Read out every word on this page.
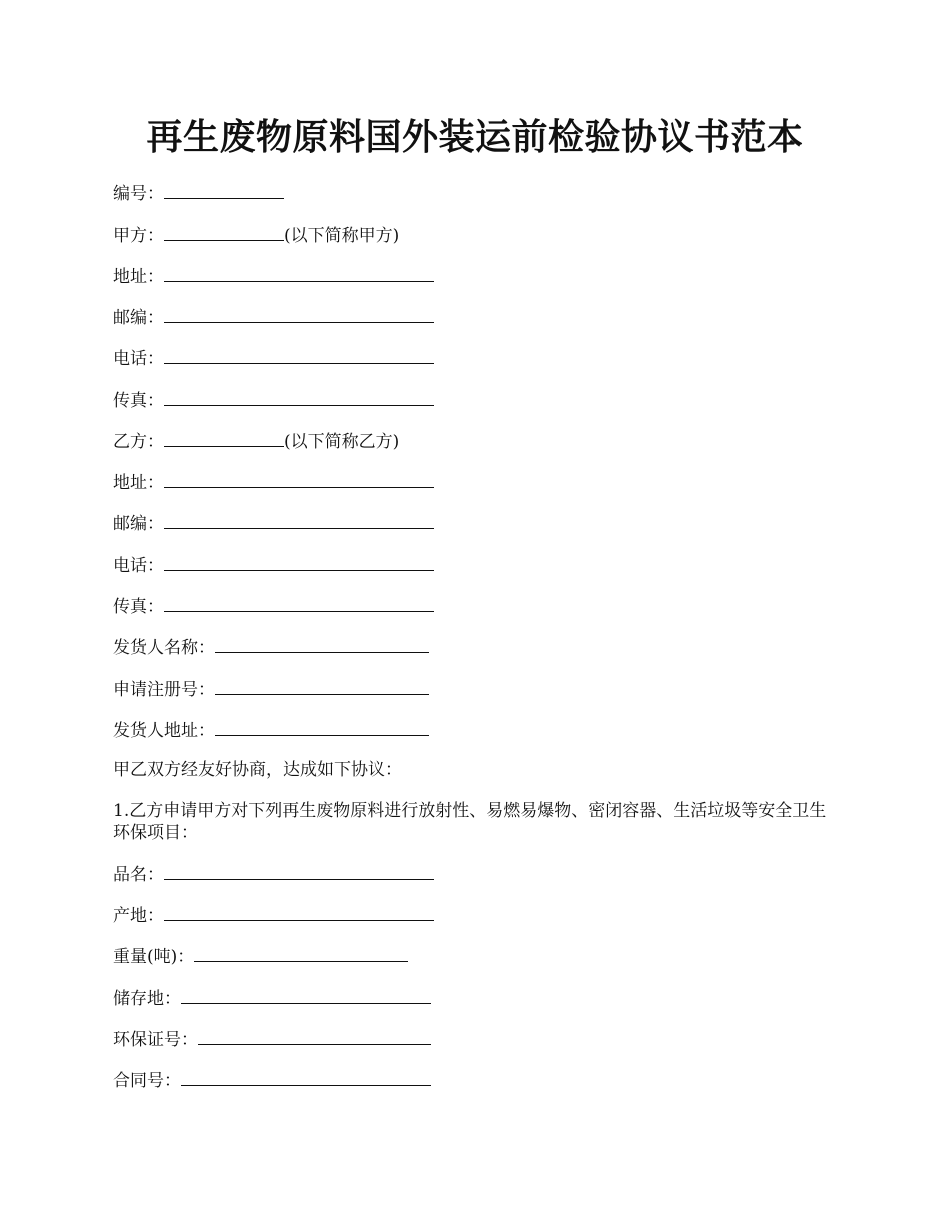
再生废物原料国外装运前检验协议书范本
编号：
甲方：	(以下简称甲方)
地址：
邮编：
电话：
传真：
乙方：	(以下简称乙方)
地址：
邮编：
电话：
传真：
发货人名称：
申请注册号：
发货人地址：
甲乙双方经友好协商，达成如下协议：
1.乙方申请甲方对下列再生废物原料进行放射性、易燃易爆物、密闭容器、生活垃圾等安全卫生环保项目：
品名：
产地：
重量(吨)：
储存地：
环保证号：
合同号：
